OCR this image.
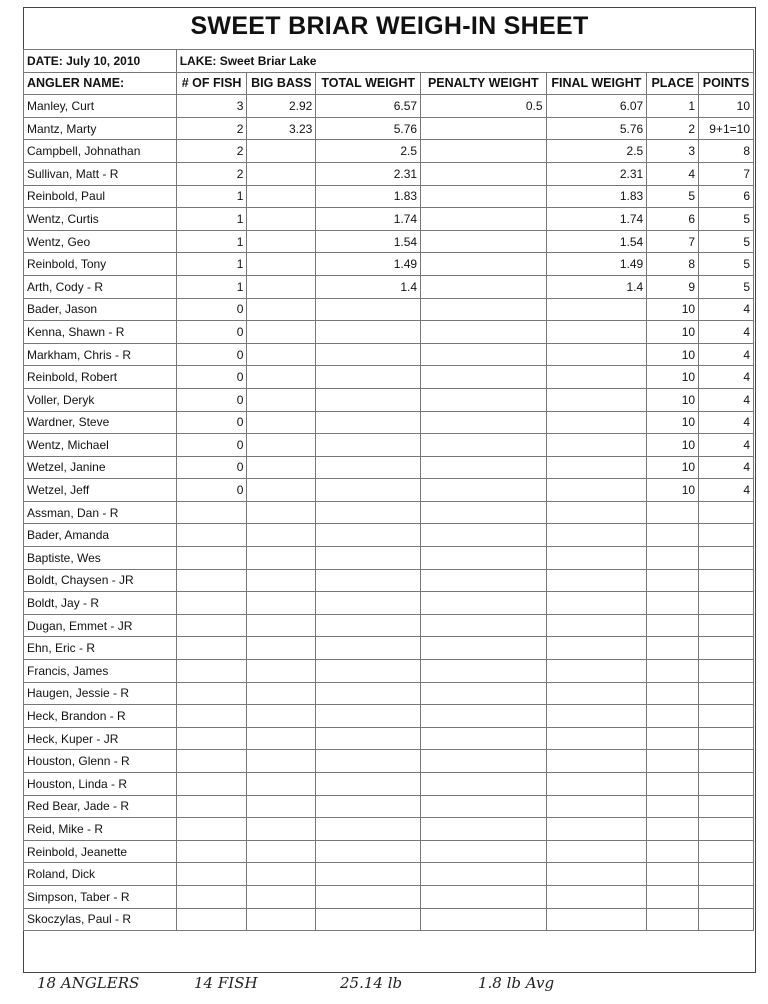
SWEET BRIAR WEIGH-IN SHEET
DATE: July 10, 2010	LAKE: Sweet Briar Lake						
ANGLER NAME:	# OF FISH	BIG BASS	TOTAL WEIGHT	PENALTY WEIGHT	FINAL WEIGHT	PLACE	POINTS
Manley, Curt	3	2.92	6.57	0.5	6.07	1	10
Mantz, Marty	2	3.23	5.76		5.76	2	9+1=10
Campbell, Johnathan	2		2.5		2.5	3	8
Sullivan, Matt - R	2		2.31		2.31	4	7
Reinbold, Paul	1		1.83		1.83	5	6
Wentz, Curtis	1		1.74		1.74	6	5
Wentz, Geo	1		1.54		1.54	7	5
Reinbold, Tony	1		1.49		1.49	8	5
Arth, Cody - R	1		1.4		1.4	9	5
Bader, Jason	0					10	4
Kenna, Shawn - R	0					10	4
Markham, Chris - R	0					10	4
Reinbold, Robert	0					10	4
Voller, Deryk	0					10	4
Wardner, Steve	0					10	4
Wentz, Michael	0					10	4
Wetzel, Janine	0					10	4
Wetzel, Jeff	0					10	4
Assman, Dan - R							
Bader, Amanda							
Baptiste, Wes							
Boldt, Chaysen - JR							
Boldt, Jay - R							
Dugan, Emmet - JR							
Ehn, Eric - R							
Francis, James							
Haugen, Jessie - R							
Heck, Brandon - R							
Heck, Kuper - JR							
Houston, Glenn - R							
Houston, Linda - R							
Red Bear, Jade - R							
Reid, Mike - R							
Reinbold, Jeanette							
Roland, Dick							
Simpson, Taber - R							
Skoczylas, Paul - R							
18 ANGLERS	14 FISH	25.14 lb	1.8 lb Avg
